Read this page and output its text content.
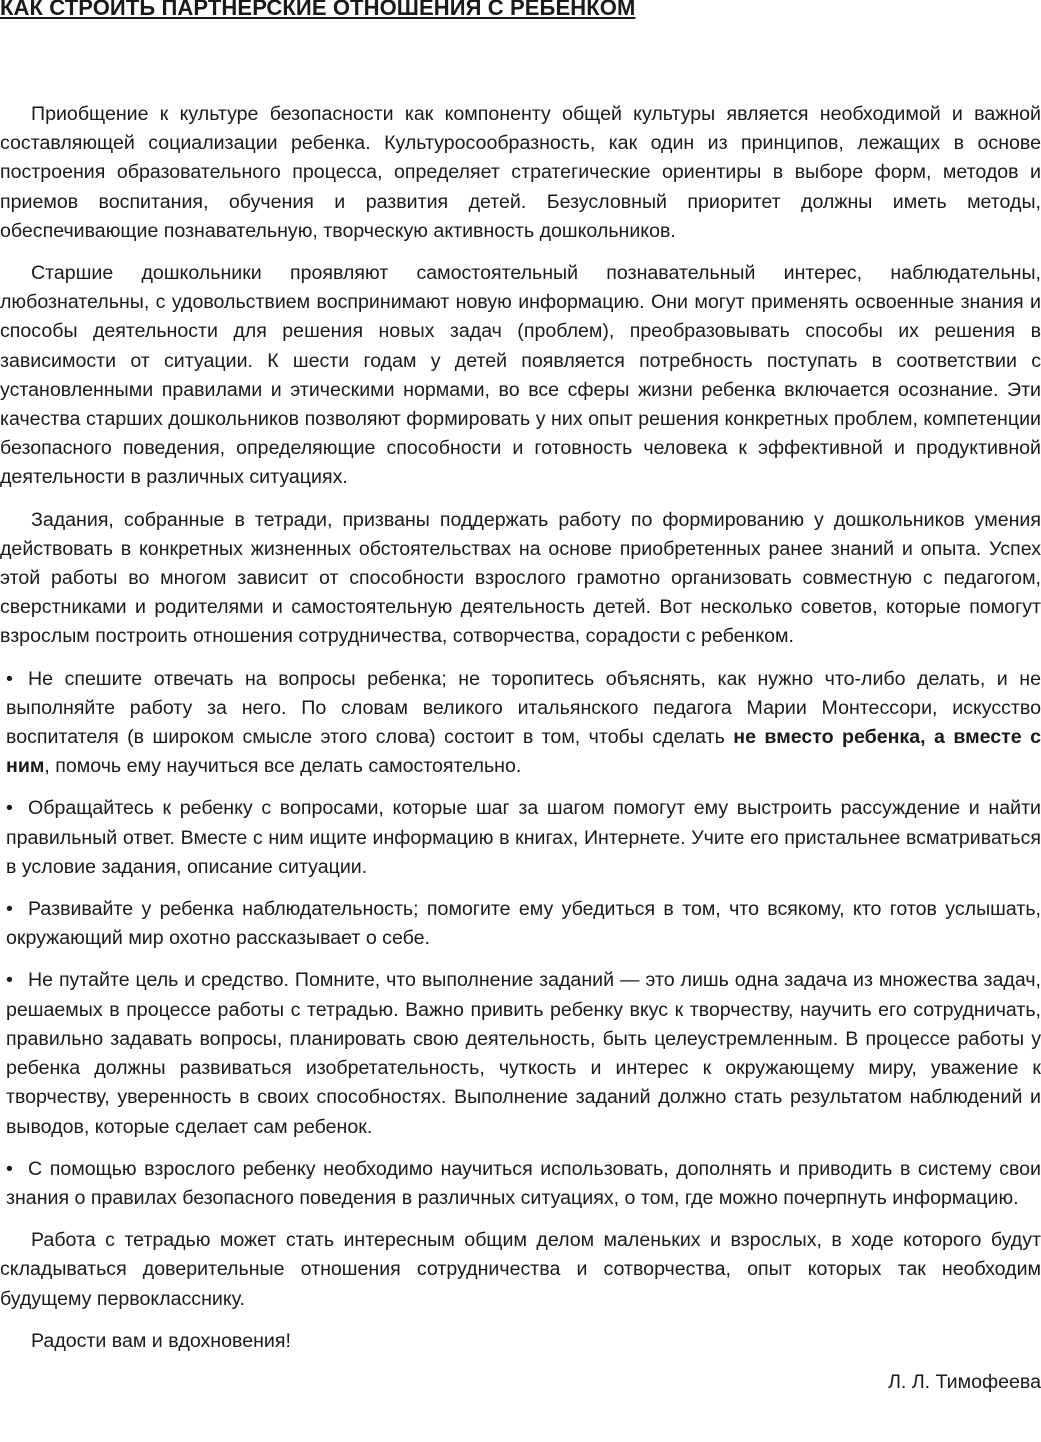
КАК СТРОИТЬ ПАРТНЕРСКИЕ ОТНОШЕНИЯ С РЕБЕНКОМ

Приобщение к культуре безопасности как компоненту общей культуры является необходимой и важной составляющей социализации ребенка. Культуросообразность, как один из принципов, лежащих в основе построения образовательного процесса, определяет стратегические ориентиры в выборе форм, методов и приемов воспитания, обучения и развития детей. Безусловный приоритет должны иметь методы, обеспечивающие познавательную, творческую активность дошкольников.

Старшие дошкольники проявляют самостоятельный познавательный интерес, наблюдательны, любознательны, с удовольствием воспринимают новую информацию. Они могут применять освоенные знания и способы деятельности для решения новых задач (проблем), преобразовывать способы их решения в зависимости от ситуации. К шести годам у детей появляется потребность поступать в соответствии с установленными правилами и этическими нормами, во все сферы жизни ребенка включается осознание. Эти качества старших дошкольников позволяют формировать у них опыт решения конкретных проблем, компетенции безопасного поведения, определяющие способности и готовность человека к эффективной и продуктивной деятельности в различных ситуациях.

Задания, собранные в тетради, призваны поддержать работу по формированию у дошкольников умения действовать в конкретных жизненных обстоятельствах на основе приобретенных ранее знаний и опыта. Успех этой работы во многом зависит от способности взрослого грамотно организовать совместную с педагогом, сверстниками и родителями и самостоятельную деятельность детей. Вот несколько советов, которые помогут взрослым построить отношения сотрудничества, сотворчества, сорадости с ребенком.

• Не спешите отвечать на вопросы ребенка; не торопитесь объяснять, как нужно что-либо делать, и не выполняйте работу за него. По словам великого итальянского педагога Марии Монтессори, искусство воспитателя (в широком смысле этого слова) состоит в том, чтобы сделать не вместо ребенка, а вместе с ним, помочь ему научиться все делать самостоятельно.

• Обращайтесь к ребенку с вопросами, которые шаг за шагом помогут ему выстроить рассуждение и найти правильный ответ. Вместе с ним ищите информацию в книгах, Интернете. Учите его пристальнее всматриваться в условие задания, описание ситуации.

• Развивайте у ребенка наблюдательность; помогите ему убедиться в том, что всякому, кто готов услышать, окружающий мир охотно рассказывает о себе.

• Не путайте цель и средство. Помните, что выполнение заданий — это лишь одна задача из множества задач, решаемых в процессе работы с тетрадью. Важно привить ребенку вкус к творчеству, научить его сотрудничать, правильно задавать вопросы, планировать свою деятельность, быть целеустремленным. В процессе работы у ребенка должны развиваться изобретательность, чуткость и интерес к окружающему миру, уважение к творчеству, уверенность в своих способностях. Выполнение заданий должно стать результатом наблюдений и выводов, которые сделает сам ребенок.

• С помощью взрослого ребенку необходимо научиться использовать, дополнять и приводить в систему свои знания о правилах безопасного поведения в различных ситуациях, о том, где можно почерпнуть информацию.

Работа с тетрадью может стать интересным общим делом маленьких и взрослых, в ходе которого будут складываться доверительные отношения сотрудничества и сотворчества, опыт которых так необходим будущему первокласснику.

Радости вам и вдохновения!

Л. Л. Тимофеева
